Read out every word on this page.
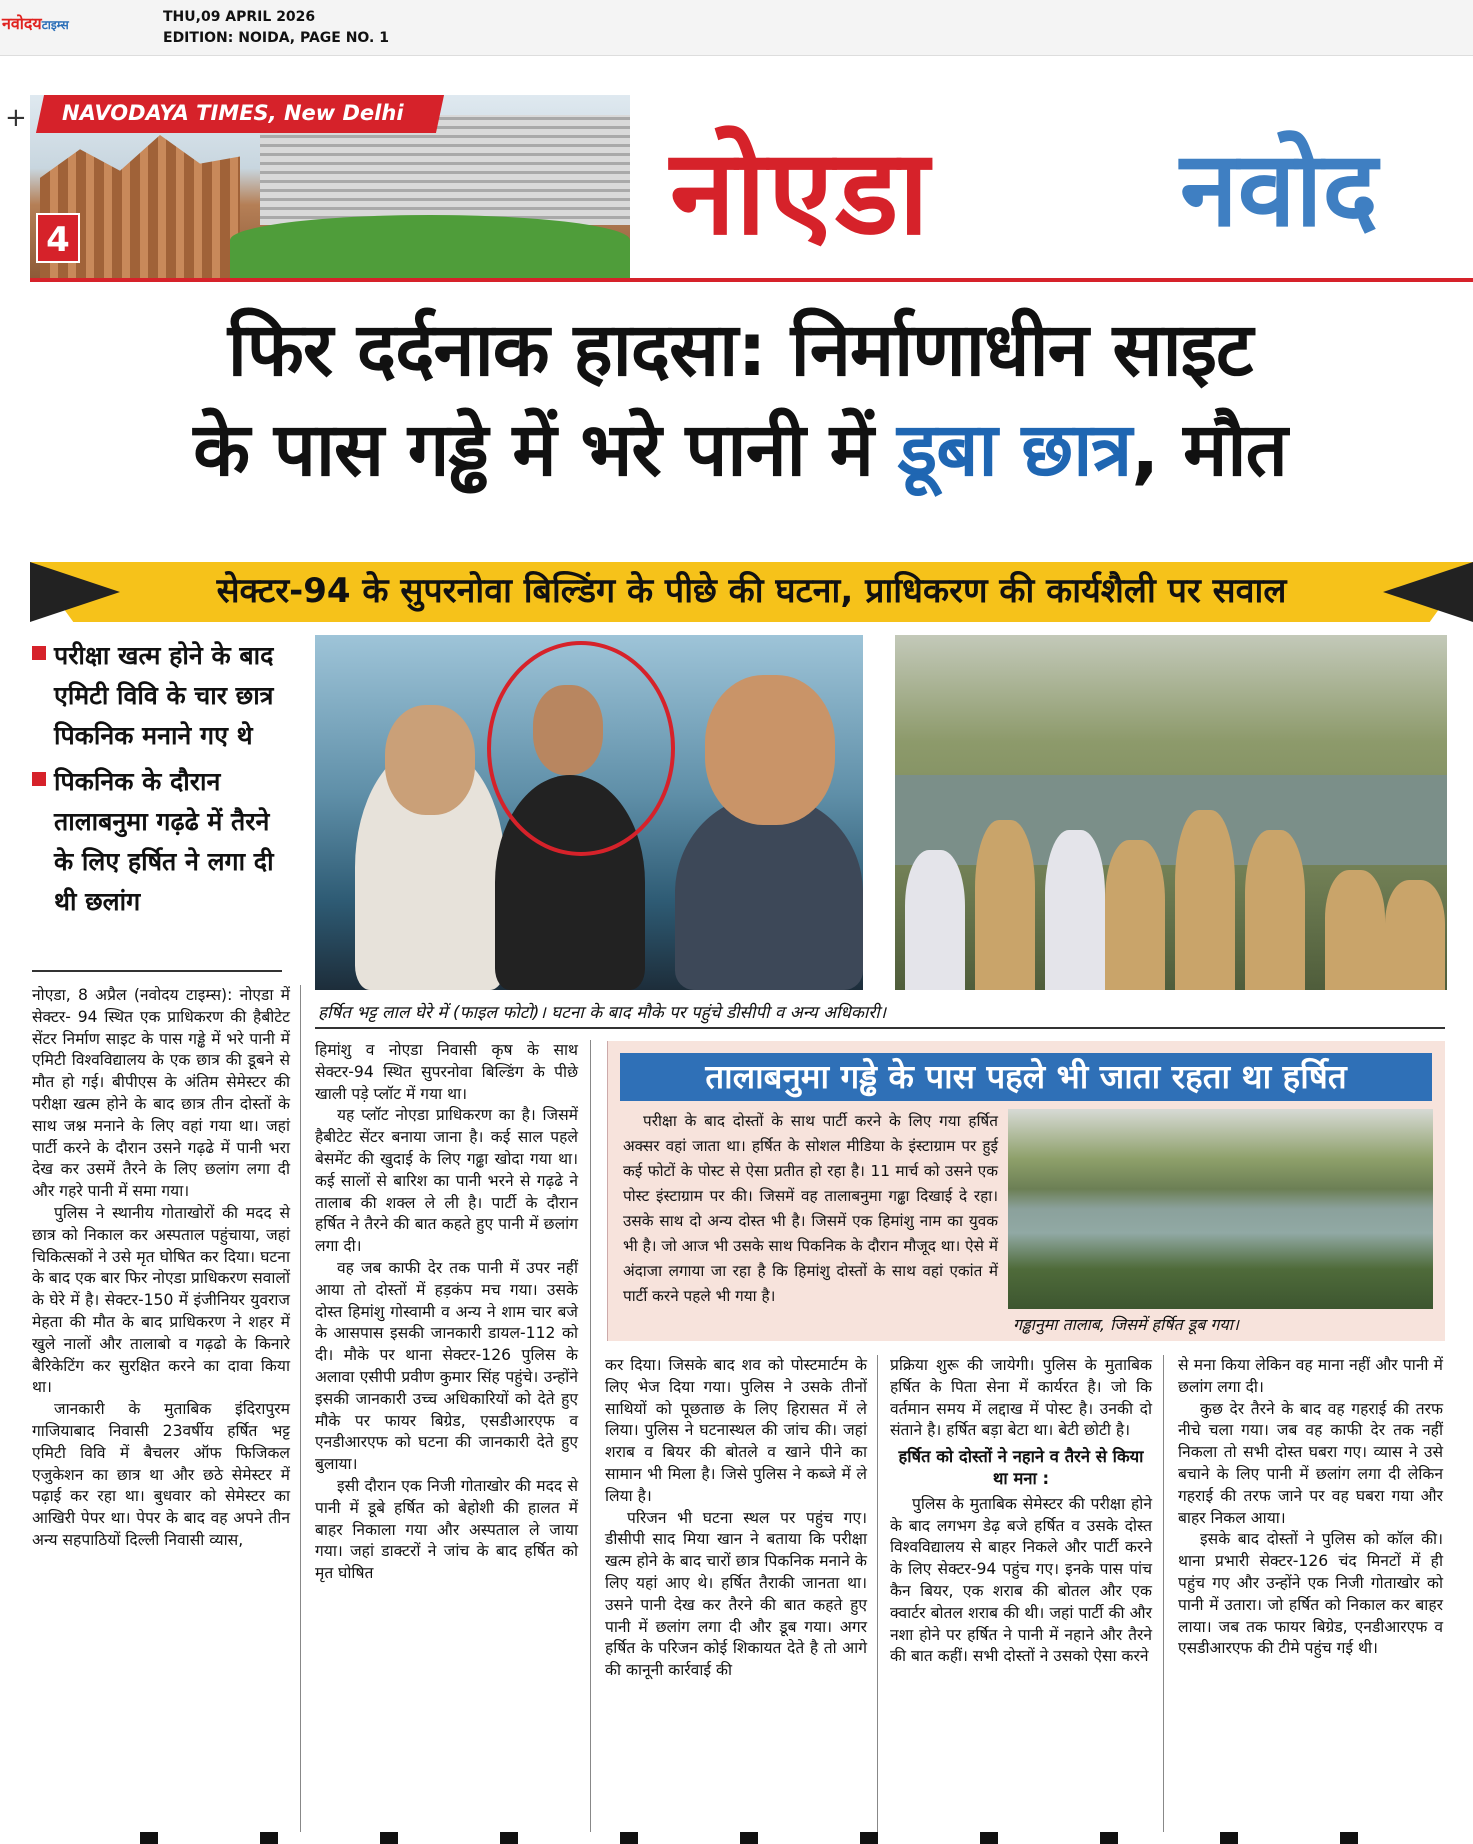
नवोदयटाइम्स	THU,09 APRIL 2026
EDITION: NOIDA, PAGE NO. 1
+ NAVODAYA TIMES, New Delhi
4	नोएडा नवोद
फिर दर्दनाक हादसा: निर्माणाधीन साइट
के पास गड्ढे में भरे पानी में डूबा छात्र, मौत
सेक्टर-94 के सुपरनोवा बिल्डिंग के पीछे की घटना, प्राधिकरण की कार्यशैली पर सवाल
परीक्षा खत्म होने के बाद एमिटी विवि के चार छात्र पिकनिक मनाने गए थे
पिकनिक के दौरान तालाबनुमा गढ़ढे में तैरने के लिए हर्षित ने लगा दी थी छलांग
हर्षित भट्ट लाल घेरे में (फाइल फोटो)। घटना के बाद मौके पर पहुंचे डीसीपी व अन्य अधिकारी।

नोएडा, 8 अप्रैल (नवोदय टाइम्स): नोएडा में सेक्टर- 94 स्थित एक प्राधिकरण की हैबीटेट सेंटर निर्माण साइट के पास गड्ढे में भरे पानी में एमिटी विश्वविद्यालय के एक छात्र की डूबने से मौत हो गई। बीपीएस के अंतिम सेमेस्टर की परीक्षा खत्म होने के बाद छात्र तीन दोस्तों के साथ जश्न मनाने के लिए वहां गया था। जहां पार्टी करने के दौरान उसने गढ़ढे में पानी भरा देख कर उसमें तैरने के लिए छलांग लगा दी और गहरे पानी में समा गया।

पुलिस ने स्थानीय गोताखोरों की मदद से छात्र को निकाल कर अस्पताल पहुंचाया, जहां चिकित्सकों ने उसे मृत घोषित कर दिया। घटना के बाद एक बार फिर नोएडा प्राधिकरण सवालों के घेरे में है। सेक्टर-150 में इंजीनियर युवराज मेहता की मौत के बाद प्राधिकरण ने शहर में खुले नालों और तालाबो व गढ़ढो के किनारे बैरिकेटिंग कर सुरक्षित करने का दावा किया था।

जानकारी के मुताबिक इंदिरापुरम गाजियाबाद निवासी 23वर्षीय हर्षित भट्ट एमिटी विवि में बैचलर ऑफ फिजिकल एजुकेशन का छात्र था और छठे सेमेस्टर में पढ़ाई कर रहा था। बुधवार को सेमेस्टर का आखिरी पेपर था। पेपर के बाद वह अपने तीन अन्य सहपाठियों दिल्ली निवासी व्यास,

हिमांशु व नोएडा निवासी कृष के साथ सेक्टर-94 स्थित सुपरनोवा बिल्डिंग के पीछे खाली पड़े प्लॉट में गया था।

यह प्लॉट नोएडा प्राधिकरण का है। जिसमें हैबीटेट सेंटर बनाया जाना है। कई साल पहले बेसमेंट की खुदाई के लिए गढ्ढा खोदा गया था। कई सालों से बारिश का पानी भरने से गढ़ढे ने तालाब की शक्ल ले ली है। पार्टी के दौरान हर्षित ने तैरने की बात कहते हुए पानी में छलांग लगा दी।

वह जब काफी देर तक पानी में उपर नहीं आया तो दोस्तों में हड़कंप मच गया। उसके दोस्त हिमांशु गोस्वामी व अन्य ने शाम चार बजे के आसपास इसकी जानकारी डायल-112 को दी। मौके पर थाना सेक्टर-126 पुलिस के अलावा एसीपी प्रवीण कुमार सिंह पहुंचे। उन्होंने इसकी जानकारी उच्च अधिकारियों को देते हुए मौके पर फायर बिग्रेड, एसडीआरएफ व एनडीआरएफ को घटना की जानकारी देते हुए बुलाया।

इसी दौरान एक निजी गोताखोर की मदद से पानी में डूबे हर्षित को बेहोशी की हालत में बाहर निकाला गया और अस्पताल ले जाया गया। जहां डाक्टरों ने जांच के बाद हर्षित को मृत घोषित

तालाबनुमा गड्ढे के पास पहले भी जाता रहता था हर्षित
परीक्षा के बाद दोस्तों के साथ पार्टी करने के लिए गया हर्षित अक्सर वहां जाता था। हर्षित के सोशल मीडिया के इंस्टाग्राम पर हुई कई फोटों के पोस्ट से ऐसा प्रतीत हो रहा है। 11 मार्च को उसने एक पोस्ट इंस्टाग्राम पर की। जिसमें वह तालाबनुमा गढ्ढा दिखाई दे रहा। उसके साथ दो अन्य दोस्त भी है। जिसमें एक हिमांशु नाम का युवक भी है। जो आज भी उसके साथ पिकनिक के दौरान मौजूद था। ऐसे में अंदाजा लगाया जा रहा है कि हिमांशु दोस्तों के साथ वहां एकांत में पार्टी करने पहले भी गया है।
गड्ढानुमा तालाब, जिसमें हर्षित डूब गया।

कर दिया। जिसके बाद शव को पोस्टमार्टम के लिए भेज दिया गया। पुलिस ने उसके तीनों साथियों को पूछताछ के लिए हिरासत में ले लिया। पुलिस ने घटनास्थल की जांच की। जहां शराब व बियर की बोतले व खाने पीने का सामान भी मिला है। जिसे पुलिस ने कब्जे में ले लिया है।

परिजन भी घटना स्थल पर पहुंच गए। डीसीपी साद मिया खान ने बताया कि परीक्षा खत्म होने के बाद चारों छात्र पिकनिक मनाने के लिए यहां आए थे। हर्षित तैराकी जानता था। उसने पानी देख कर तैरने की बात कहते हुए पानी में छलांग लगा दी और डूब गया। अगर हर्षित के परिजन कोई शिकायत देते है तो आगे की कानूनी कार्रवाई की

प्रक्रिया शुरू की जायेगी। पुलिस के मुताबिक हर्षित के पिता सेना में कार्यरत है। जो कि वर्तमान समय में लद्दाख में पोस्ट है। उनकी दो संताने है। हर्षित बड़ा बेटा था। बेटी छोटी है।

हर्षित को दोस्तों ने नहाने व तैरने से किया था मना :

पुलिस के मुताबिक सेमेस्टर की परीक्षा होने के बाद लगभग डेढ़ बजे हर्षित व उसके दोस्त विश्वविद्यालय से बाहर निकले और पार्टी करने के लिए सेक्टर-94 पहुंच गए। इनके पास पांच कैन बियर, एक शराब की बोतल और एक क्वार्टर बोतल शराब की थी। जहां पार्टी की और नशा होने पर हर्षित ने पानी में नहाने और तैरने की बात कहीं। सभी दोस्तों ने उसको ऐसा करने

से मना किया लेकिन वह माना नहीं और पानी में छलांग लगा दी।

कुछ देर तैरने के बाद वह गहराई की तरफ नीचे चला गया। जब वह काफी देर तक नहीं निकला तो सभी दोस्त घबरा गए। व्यास ने उसे बचाने के लिए पानी में छलांग लगा दी लेकिन गहराई की तरफ जाने पर वह घबरा गया और बाहर निकल आया।

इसके बाद दोस्तों ने पुलिस को कॉल की। थाना प्रभारी सेक्टर-126 चंद मिनटों में ही पहुंच गए और उन्होंने एक निजी गोताखोर को पानी में उतारा। जो हर्षित को निकाल कर बाहर लाया। जब तक फायर बिग्रेड, एनडीआरएफ व एसडीआरएफ की टीमे पहुंच गई थी।
